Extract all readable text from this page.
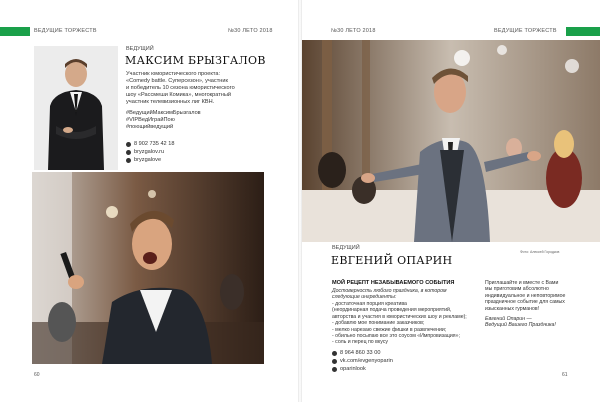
ВЕДУЩИЕ ТОРЖЕСТВ	№30 ЛЕТО 2018
ВЕДУЩИЙ
МАКСИМ БРЫЗГАЛОВ
Участник юмористического проекта:
«Comedy battle. Суперсезон», участник
и победитель 10 сезона юмористического
шоу «Рассмеши Комика», многократный
участник телевизионных лиг КВН.
#ВедущийМаксимБрызгалов
#VIPВедИграйПою
#поющийведущий
8 902 735 42 18
bryzgalov.ru
bryzgalove
60
№30 ЛЕТО 2018	ВЕДУЩИЕ ТОРЖЕСТВ
Фото: Алексей Городков
ВЕДУЩИЙ
ЕВГЕНИЙ ОПАРИН
МОЙ РЕЦЕПТ НЕЗАБЫВАЕМОГО СОБЫТИЯ
Достоверность любого праздника, в котором следующие ингредиенты:
- достаточная порция креатива
(неординарная подача проведения мероприятий,
авторства и участия в юмористических шоу и рекламе);
- добавлю мое понимание заказчиков;
- мелко нарезаю свежие фишки в развлечении;
- обильно посыпаю все это соусом «Импровизация»;
- соль и перец по вкусу
Приглашайте и вместе с Вами
мы приготовим абсолютно
индивидуальное и неповторимое
праздничное событие для самых
изысканных гурманов!
Евгений Опарин —
Ведущий Вашего Праздника!
8 964 860 33 00
vk.com/evgenyoparin
oparinlook
61
